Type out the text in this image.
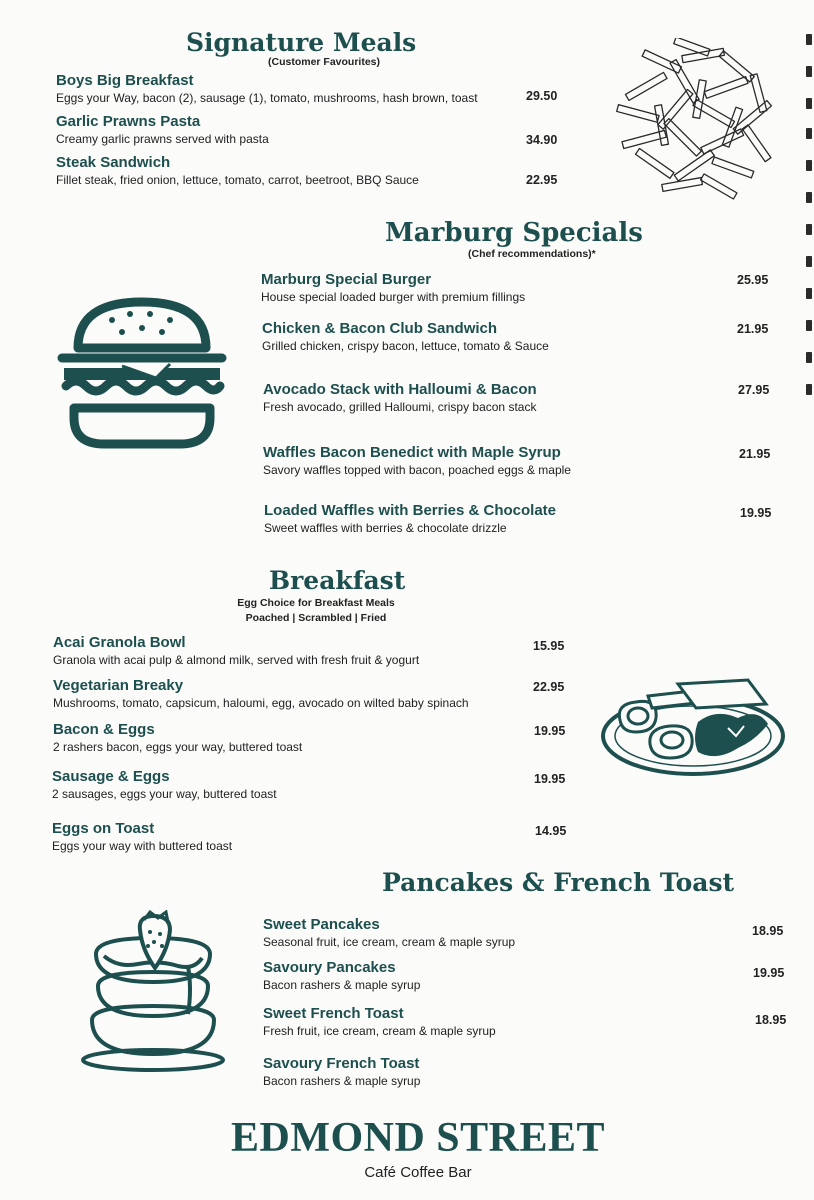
Signature Meals
(Customer Favourites)
Boys Big Breakfast
Eggs your Way, bacon (2), sausage (1), tomato, mushrooms, hash brown, toast	29.50
Garlic Prawns Pasta
Creamy garlic prawns served with pasta	34.90
Steak Sandwich
Fillet steak, fried onion, lettuce, tomato, carrot, beetroot, BBQ Sauce	22.95
Marburg Specials
(Chef recommendations)*
Marburg Special Burger
House special loaded burger with premium fillings
25.95
Chicken & Bacon Club Sandwich
Grilled chicken, crispy bacon, lettuce, tomato & Sauce
21.95
Avocado Stack with Halloumi & Bacon
Fresh avocado, grilled Halloumi, crispy bacon stack
27.95
Waffles Bacon Benedict with Maple Syrup
Savory waffles topped with bacon, poached eggs & maple
21.95
Loaded Waffles with Berries & Chocolate
Sweet waffles with berries & chocolate drizzle
19.95
Breakfast
Egg Choice for Breakfast Meals
Poached | Scrambled | Fried
Acai Granola Bowl
Granola with acai pulp & almond milk, served with fresh fruit & yogurt
15.95
Vegetarian Breaky
Mushrooms, tomato, capsicum, haloumi, egg, avocado on wilted baby spinach
22.95
Bacon & Eggs
2 rashers bacon, eggs your way, buttered toast
19.95
Sausage & Eggs
2 sausages, eggs your way, buttered toast
19.95
Eggs on Toast
Eggs your way with buttered toast
14.95
Pancakes & French Toast
Sweet Pancakes
Seasonal fruit, ice cream, cream & maple syrup
18.95
Savoury Pancakes
Bacon rashers & maple syrup
19.95
Sweet French Toast
Fresh fruit, ice cream, cream & maple syrup
18.95
Savoury French Toast
Bacon rashers & maple syrup
EDMOND STREET
Café Coffee Bar
